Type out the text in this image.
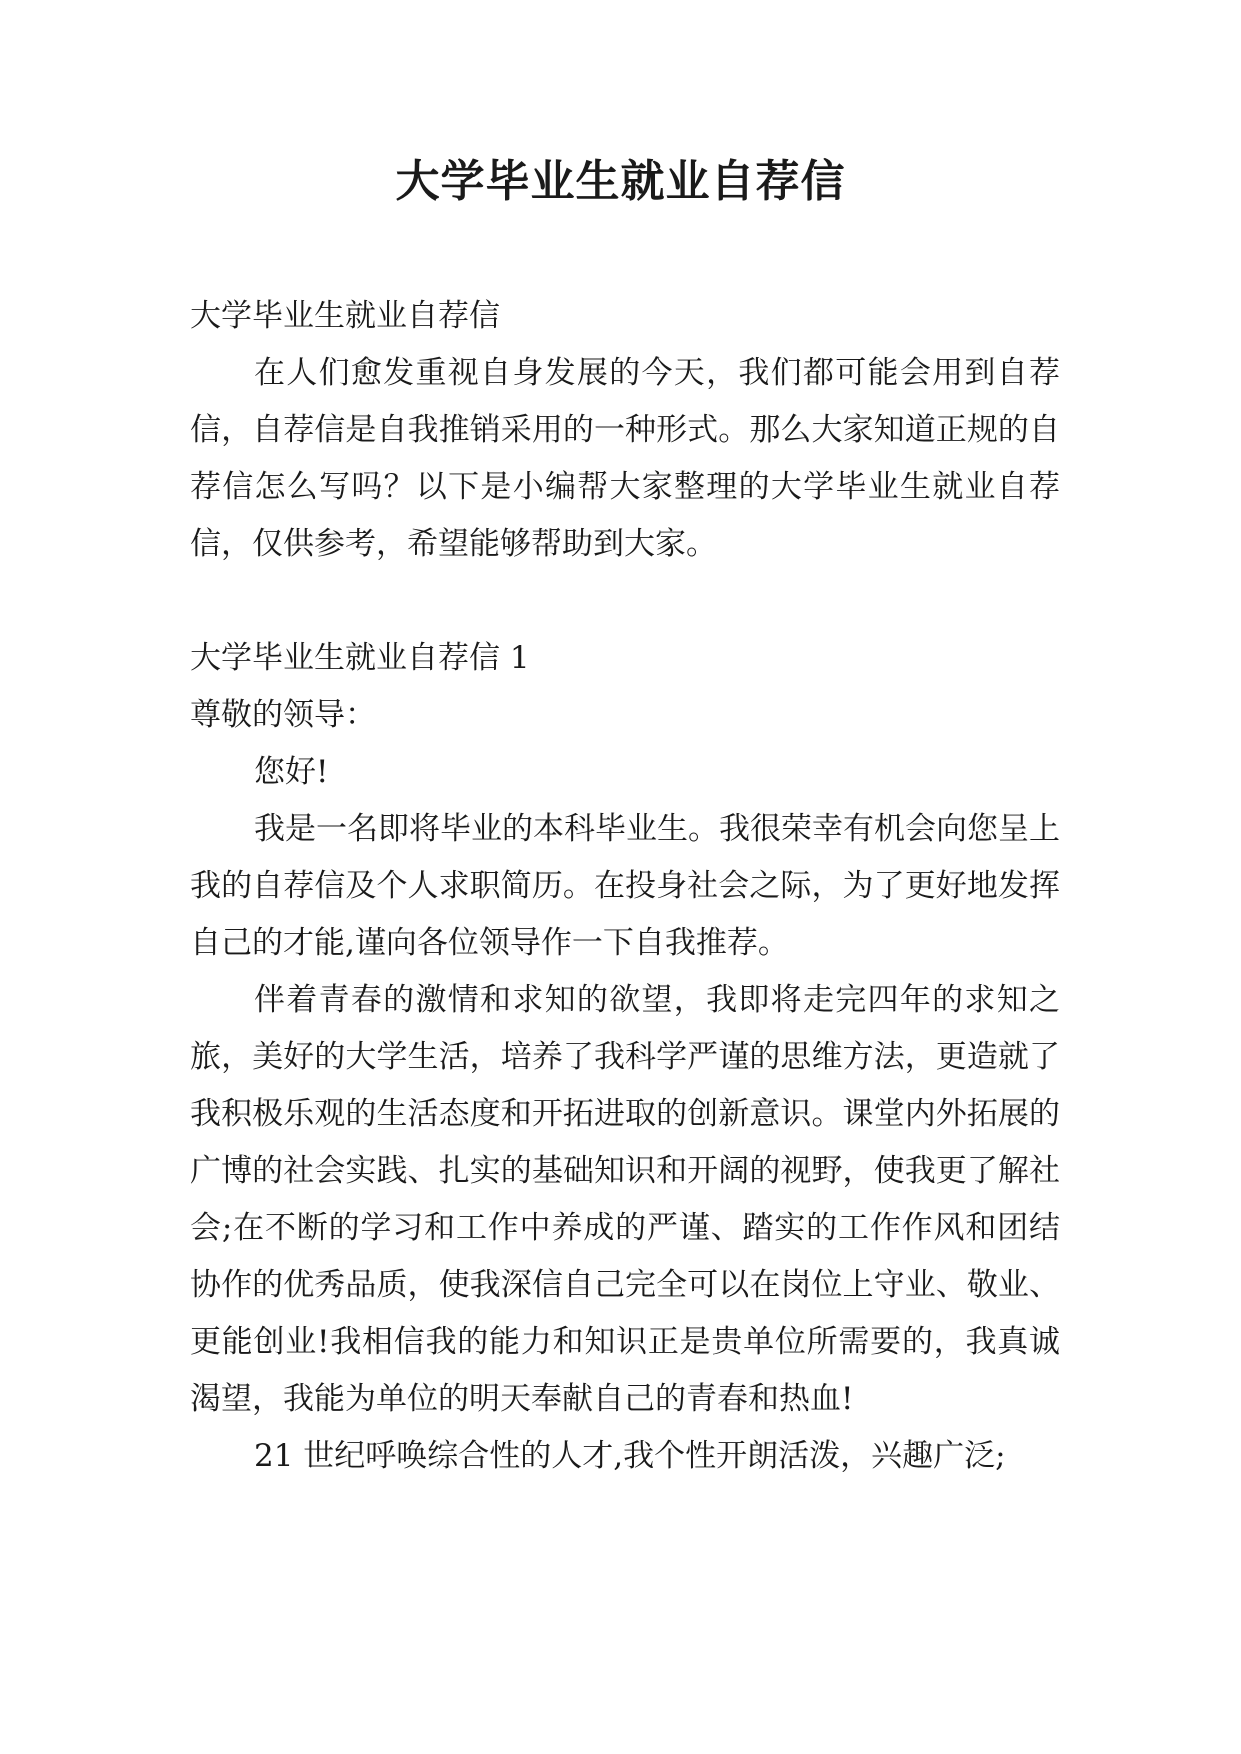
大学毕业生就业自荐信

大学毕业生就业自荐信

在人们愈发重视自身发展的今天，我们都可能会用到自荐信，自荐信是自我推销采用的一种形式。那么大家知道正规的自荐信怎么写吗？以下是小编帮大家整理的大学毕业生就业自荐信，仅供参考，希望能够帮助到大家。

大学毕业生就业自荐信 1

尊敬的领导：

您好!

我是一名即将毕业的本科毕业生。我很荣幸有机会向您呈上我的自荐信及个人求职简历。在投身社会之际，为了更好地发挥自己的才能,谨向各位领导作一下自我推荐。

伴着青春的激情和求知的欲望，我即将走完四年的求知之旅，美好的大学生活，培养了我科学严谨的思维方法，更造就了我积极乐观的生活态度和开拓进取的创新意识。课堂内外拓展的广博的社会实践、扎实的基础知识和开阔的视野，使我更了解社会;在不断的学习和工作中养成的严谨、踏实的工作作风和团结协作的优秀品质，使我深信自己完全可以在岗位上守业、敬业、更能创业!我相信我的能力和知识正是贵单位所需要的，我真诚渴望，我能为单位的明天奉献自己的青春和热血!

21 世纪呼唤综合性的人才,我个性开朗活泼，兴趣广泛;
